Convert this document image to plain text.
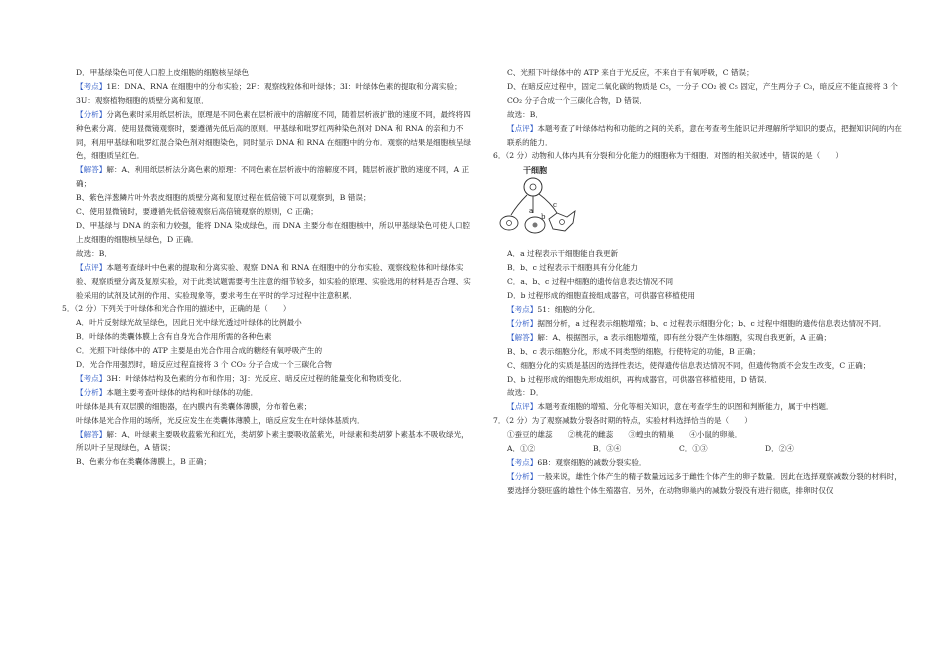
D．甲基绿染色可使人口腔上皮细胞的细胞核呈绿色

【考点】1E：DNA、RNA 在细胞中的分布实验；2F：观察线粒体和叶绿体；3I：叶绿体色素的提取和分离实验；3U：观察植物细胞的质壁分离和复原．

【分析】分离色素时采用纸层析法，原理是不同色素在层析液中的溶解度不同，随着层析液扩散的速度不同，最终将四种色素分离．使用显微镜观察时，要遵循先低后高的原则．甲基绿和吡罗红两种染色剂对 DNA 和 RNA 的亲和力不同，利用甲基绿和吡罗红混合染色剂对细胞染色，同时显示 DNA 和 RNA 在细胞中的分布．观察的结果是细胞核呈绿色，细胞质呈红色．

【解答】解：A、利用纸层析法分离色素的原理：不同色素在层析液中的溶解度不同，随层析液扩散的速度不同，A 正确；

B、紫色洋葱鳞片叶外表皮细胞的质壁分离和复原过程在低倍镜下可以观察到，B 错误；

C、使用显微镜时，要遵循先低倍镜观察后高倍镜观察的原则，C 正确；

D、甲基绿与 DNA 的亲和力较强，能将 DNA 染成绿色，而 DNA 主要分布在细胞核中，所以甲基绿染色可使人口腔上皮细胞的细胞核呈绿色，D 正确．

故选：B．

【点评】本题考查绿叶中色素的提取和分离实验、观察 DNA 和 RNA 在细胞中的分布实验、观察线粒体和叶绿体实验、观察质壁分离及复原实验，对于此类试题需要考生注意的细节较多，如实验的原理、实验选用的材料是否合理、实验采用的试剂及试剂的作用、实验现象等，要求考生在平时的学习过程中注意积累．

5．（2 分）下列关于叶绿体和光合作用的描述中，正确的是（　　）

A．叶片反射绿光故呈绿色，因此日光中绿光透过叶绿体的比例最小

B．叶绿体的类囊体膜上含有自身光合作用所需的各种色素

C．光照下叶绿体中的 ATP 主要是由光合作用合成的糖经有氧呼吸产生的

D．光合作用强烈时，暗反应过程直接将 3 个 CO₂ 分子合成一个三碳化合物

【考点】3H：叶绿体结构及色素的分布和作用；3J：光反应、暗反应过程的能量变化和物质变化．

【分析】本题主要考查叶绿体的结构和叶绿体的功能．

叶绿体是具有双层膜的细胞器，在内膜内有类囊体薄膜，分布着色素；

叶绿体是光合作用的场所，光反应发生在类囊体薄膜上，暗反应发生在叶绿体基质内．

【解答】解：A、叶绿素主要吸收蓝紫光和红光，类胡萝卜素主要吸收蓝紫光，叶绿素和类胡萝卜素基本不吸收绿光，所以叶子呈现绿色，A 错误；

B、色素分布在类囊体薄膜上，B 正确；

C、光照下叶绿体中的 ATP 来自于光反应，不来自于有氧呼吸，C 错误；

D、在暗反应过程中，固定二氧化碳的物质是 C₅，一分子 CO₂ 被 C₅ 固定，产生两分子 C₃，暗反应不能直接将 3 个 CO₂ 分子合成一个三碳化合物，D 错误．

故选：B．

【点评】本题考查了叶绿体结构和功能的之间的关系，意在考查考生能识记并理解所学知识的要点，把握知识间的内在联系的能力．

6．（2 分）动物和人体内具有分裂和分化能力的细胞称为干细胞．对图的相关叙述中，错误的是（　　）

干细胞
a
b
c

A．a 过程表示干细胞能自我更新

B．b、c 过程表示干细胞具有分化能力

C．a、b、c 过程中细胞的遗传信息表达情况不同

D．b 过程形成的细胞直接组成器官，可供器官移植使用

【考点】51：细胞的分化．

【分析】据图分析，a 过程表示细胞增殖；b、c 过程表示细胞分化；b、c 过程中细胞的遗传信息表达情况不同．

【解答】解：A、根据图示，a 表示细胞增殖，即有丝分裂产生体细胞，实现自我更新，A 正确；

B、b、c 表示细胞分化，形成不同类型的细胞，行使特定的功能，B 正确；

C、细胞分化的实质是基因的选择性表达，使得遗传信息表达情况不同，但遗传物质不会发生改变，C 正确；

D、b 过程形成的细胞先形成组织，再构成器官，可供器官移植使用，D 错误．

故选：D．

【点评】本题考查细胞的增殖、分化等相关知识，意在考查学生的识图和判断能力，属于中档题．

7．（2 分）为了观察减数分裂各时期的特点，实验材料选择恰当的是（　　）

①蚕豆的雄蕊　　②桃花的雌蕊　　③蝗虫的精巢　　④小鼠的卵巢．

A．①②	B．③④	C．①③	D．②④

【考点】6B：观察细胞的减数分裂实验．

【分析】一般来说，雄性个体产生的精子数量远远多于雌性个体产生的卵子数量．因此在选择观察减数分裂的材料时，要选择分裂旺盛的雄性个体生殖器官．另外，在动物卵巢内的减数分裂没有进行彻底，排卵时仅仅
